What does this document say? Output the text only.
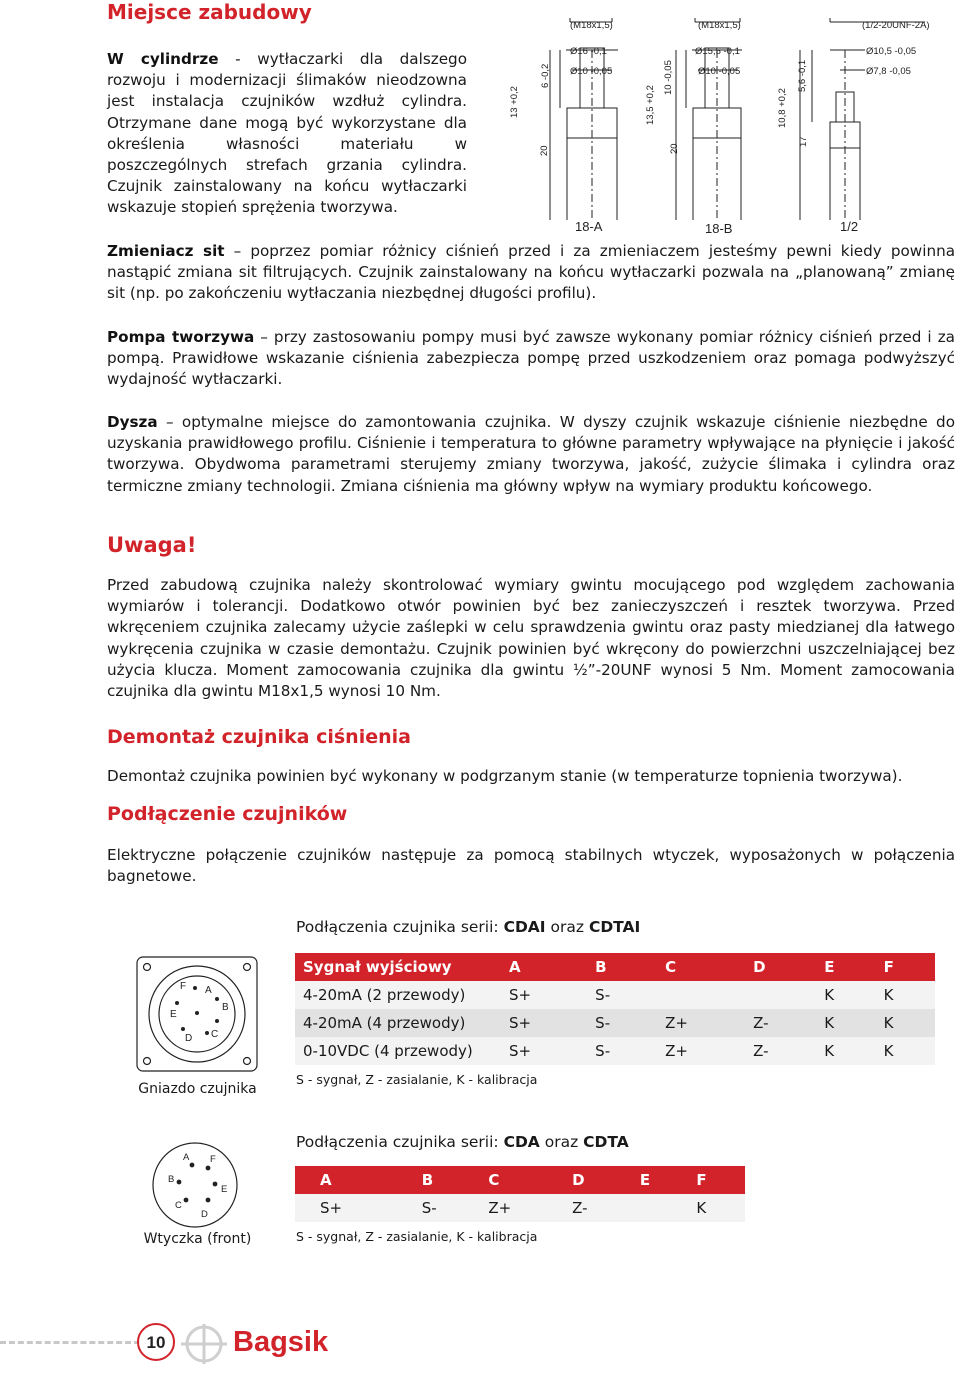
Miejsce zabudowy
W cylindrze - wytłaczarki dla dalszego rozwoju i modernizacji ślimaków nieodzowna jest instalacja czujników wzdłuż cylindra. Otrzymane dane mogą być wykorzystane dla określenia własności materiału w poszczególnych strefach grzania cylindra. Czujnik zainstalowany na końcu wytłaczarki wskazuje stopień sprężenia tworzywa.
(M18x1,5)
Ø16 -0,1
Ø10 -0,05
6 -0,2
13 +0,2
20
(M18x1,5)
Ø15,5 -0,1
Ø10 -0,05
10 -0,05
13,5 +0,2
20
(1/2-20UNF-2A)
Ø10,5 -0,05
Ø7,8 -0,05
5,6 -0,1
10,8 +0,2
17
18-A	18-B	1/2
Zmieniacz sit – poprzez pomiar różnicy ciśnień przed i za zmieniaczem jesteśmy pewni kiedy powinna nastąpić zmiana sit filtrujących. Czujnik zainstalowany na końcu wytłaczarki pozwala na „planowaną” zmianę sit (np. po zakończeniu wytłaczania niezbędnej długości profilu).
Pompa tworzywa – przy zastosowaniu pompy musi być zawsze wykonany pomiar różnicy ciśnień przed i za pompą. Prawidłowe wskazanie ciśnienia zabezpiecza pompę przed uszkodzeniem oraz pomaga podwyższyć wydajność wytłaczarki.
Dysza – optymalne miejsce do zamontowania czujnika. W dyszy czujnik wskazuje ciśnienie niezbędne do uzyskania prawidłowego profilu. Ciśnienie i temperatura to główne parametry wpływające na płynięcie i jakość tworzywa. Obydwoma parametrami sterujemy zmiany tworzywa, jakość, zużycie ślimaka i cylindra oraz termiczne zmiany technologii. Zmiana ciśnienia ma główny wpływ na wymiary produktu końcowego.
Uwaga!
Przed zabudową czujnika należy skontrolować wymiary gwintu mocującego pod względem zachowania wymiarów i tolerancji. Dodatkowo otwór powinien być bez zanieczyszczeń i resztek tworzywa. Przed wkręceniem czujnika zalecamy użycie zaślepki w celu sprawdzenia gwintu oraz pasty miedzianej dla łatwego wykręcenia czujnika w czasie demontażu. Czujnik powinien być wkręcony do powierzchni uszczelniającej bez użycia klucza. Moment zamocowania czujnika dla gwintu ½”-20UNF wynosi 5 Nm. Moment zamocowania czujnika dla gwintu M18x1,5 wynosi 10 Nm.
Demontaż czujnika ciśnienia
Demontaż czujnika powinien być wykonany w podgrzanym stanie (w temperaturze topnienia tworzywa).
Podłączenie czujników
Elektryczne połączenie czujników następuje za pomocą stabilnych wtyczek, wyposażonych w połączenia bagnetowe.
Podłączenia czujnika serii: CDAI oraz CDTAI
A
B
C
D
E
F
Gniazdo czujnika
Sygnał wyjściowy	A	B	C	D	E	F
4-20mA (2 przewody)	S+	S-			K	K
4-20mA (4 przewody)	S+	S-	Z+	Z-	K	K
0-10VDC (4 przewody)	S+	S-	Z+	Z-	K	K
S - sygnał, Z - zasialanie, K - kalibracja
Podłączenia czujnika serii: CDA oraz CDTA
A
B
C
D
E
F
Wtyczka (front)
A	B	C	D	E	F
S+	S-	Z+	Z-		K
S - sygnał, Z - zasialanie, K - kalibracja
10 Bagsik
